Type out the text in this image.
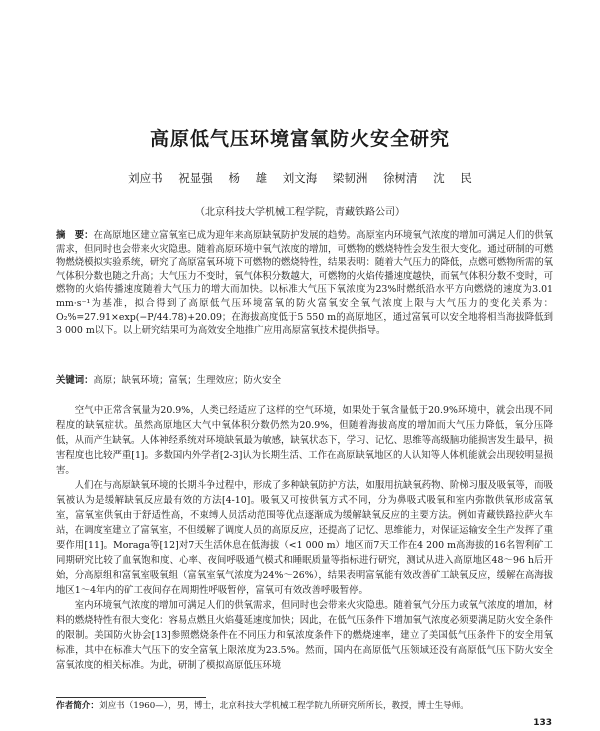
高原低气压环境富氧防火安全研究
刘应书 祝显强 杨 雄 刘文海 梁韧洲 徐树清 沈 民
（北京科技大学机械工程学院，青藏铁路公司）
摘　要：在高原地区建立富氧室已成为迎年来高原缺氧防护发展的趋势。高原室内环境氧气浓度的增加可满足人们的供氧需求，但同时也会带来火灾隐患。随着高原环境中氧气浓度的增加，可燃物的燃烧特性会发生很大变化。通过研制的可燃物燃烧模拟实验系统，研究了高原富氧环境下可燃物的燃烧特性，结果表明：随着大气压力的降低，点燃可燃物所需的氧气体积分数也随之升高；大气压力不变时，氧气体积分数越大，可燃物的火焰传播速度越快，而氧气体积分数不变时，可燃物的火焰传播速度随着大气压力的增大而加快。以标准大气压下氧浓度为23%时燃纸沿水平方向燃烧的速度为3.01 mm·s⁻¹为基准，拟合得到了高原低气压环境富氧的防火富氧安全氧气浓度上限与大气压力的变化关系为：O₂%=27.91×exp(−P/44.78)+20.09；在海拔高度低于5 550 m的高原地区，通过富氧可以安全地将相当海拔降低到3 000 m以下。以上研究结果可为高效安全地推广应用高原富氧技术提供指导。
关键词：高原；缺氧环境；富氧；生理效应；防火安全

空气中正常含氧量为20.9%，人类已经适应了这样的空气环境，如果处于氧含量低于20.9%环境中，就会出现不同程度的缺氧症状。虽然高原地区大气中氧体积分数仍然为20.9%，但随着海拔高度的增加而大气压力降低，氧分压降低，从而产生缺氧。人体神经系统对环境缺氧最为敏感，缺氧状态下，学习、记忆、思维等高级脑功能损害发生最早，损害程度也比较严重[1]。多数国内外学者[2-3]认为长期生活、工作在高原缺氧地区的人认知等人体机能就会出现较明显损害。

人们在与高原缺氧环境的长期斗争过程中，形成了多种缺氧防护方法，如服用抗缺氧药物、阶梯习服及吸氧等，而吸氧被认为是缓解缺氧反应最有效的方法[4-10]。吸氧又可按供氧方式不同，分为鼻吸式吸氧和室内弥散供氧形成富氧室，富氧室供氧由于舒适性高，不束缚人员活动范围等优点逐渐成为缓解缺氧反应的主要方法。例如青藏铁路拉萨火车站，在调度室建立了富氧室，不但缓解了调度人员的高原反应，还提高了记忆、思维能力，对保证运输安全生产发挥了重要作用[11]。Moraga等[12]对7天生活休息在低海拔（<1 000 m）地区而7天工作在4 200 m高海拔的16名智利矿工同期研究比较了血氧饱和度、心率、夜间呼吸通气模式和睡眠质量等指标进行研究，测试从进入高原地区48～96 h后开始，分高原组和富氧室吸氧组（富氧室氧气浓度为24%～26%），结果表明富氧能有效改善矿工缺氧反应，缓解在高海拔地区1～4年内的矿工夜间存在周期性呼吸暂停，富氧可有效改善呼吸暂停。

室内环境氧气浓度的增加可满足人们的供氧需求，但同时也会带来火灾隐患。随着氧气分压力或氧气浓度的增加，材料的燃烧特性有很大变化：容易点燃且火焰蔓延速度加快；因此，在低气压条件下增加氧气浓度必须要满足防火安全条件的限制。美国防火协会[13]参照燃烧条件在不同压力和氧浓度条件下的燃烧速率，建立了美国低气压条件下的安全用氧标准，其中在标准大气压下的安全富氧上限浓度为23.5%。然而，国内在高原低气压领域还没有高原低气压下防火安全富氧浓度的相关标准。为此，研制了模拟高原低压环境

作者简介：刘应书（1960—），男，博士，北京科技大学机械工程学院九所研究所所长，教授，博士生导师。
133
